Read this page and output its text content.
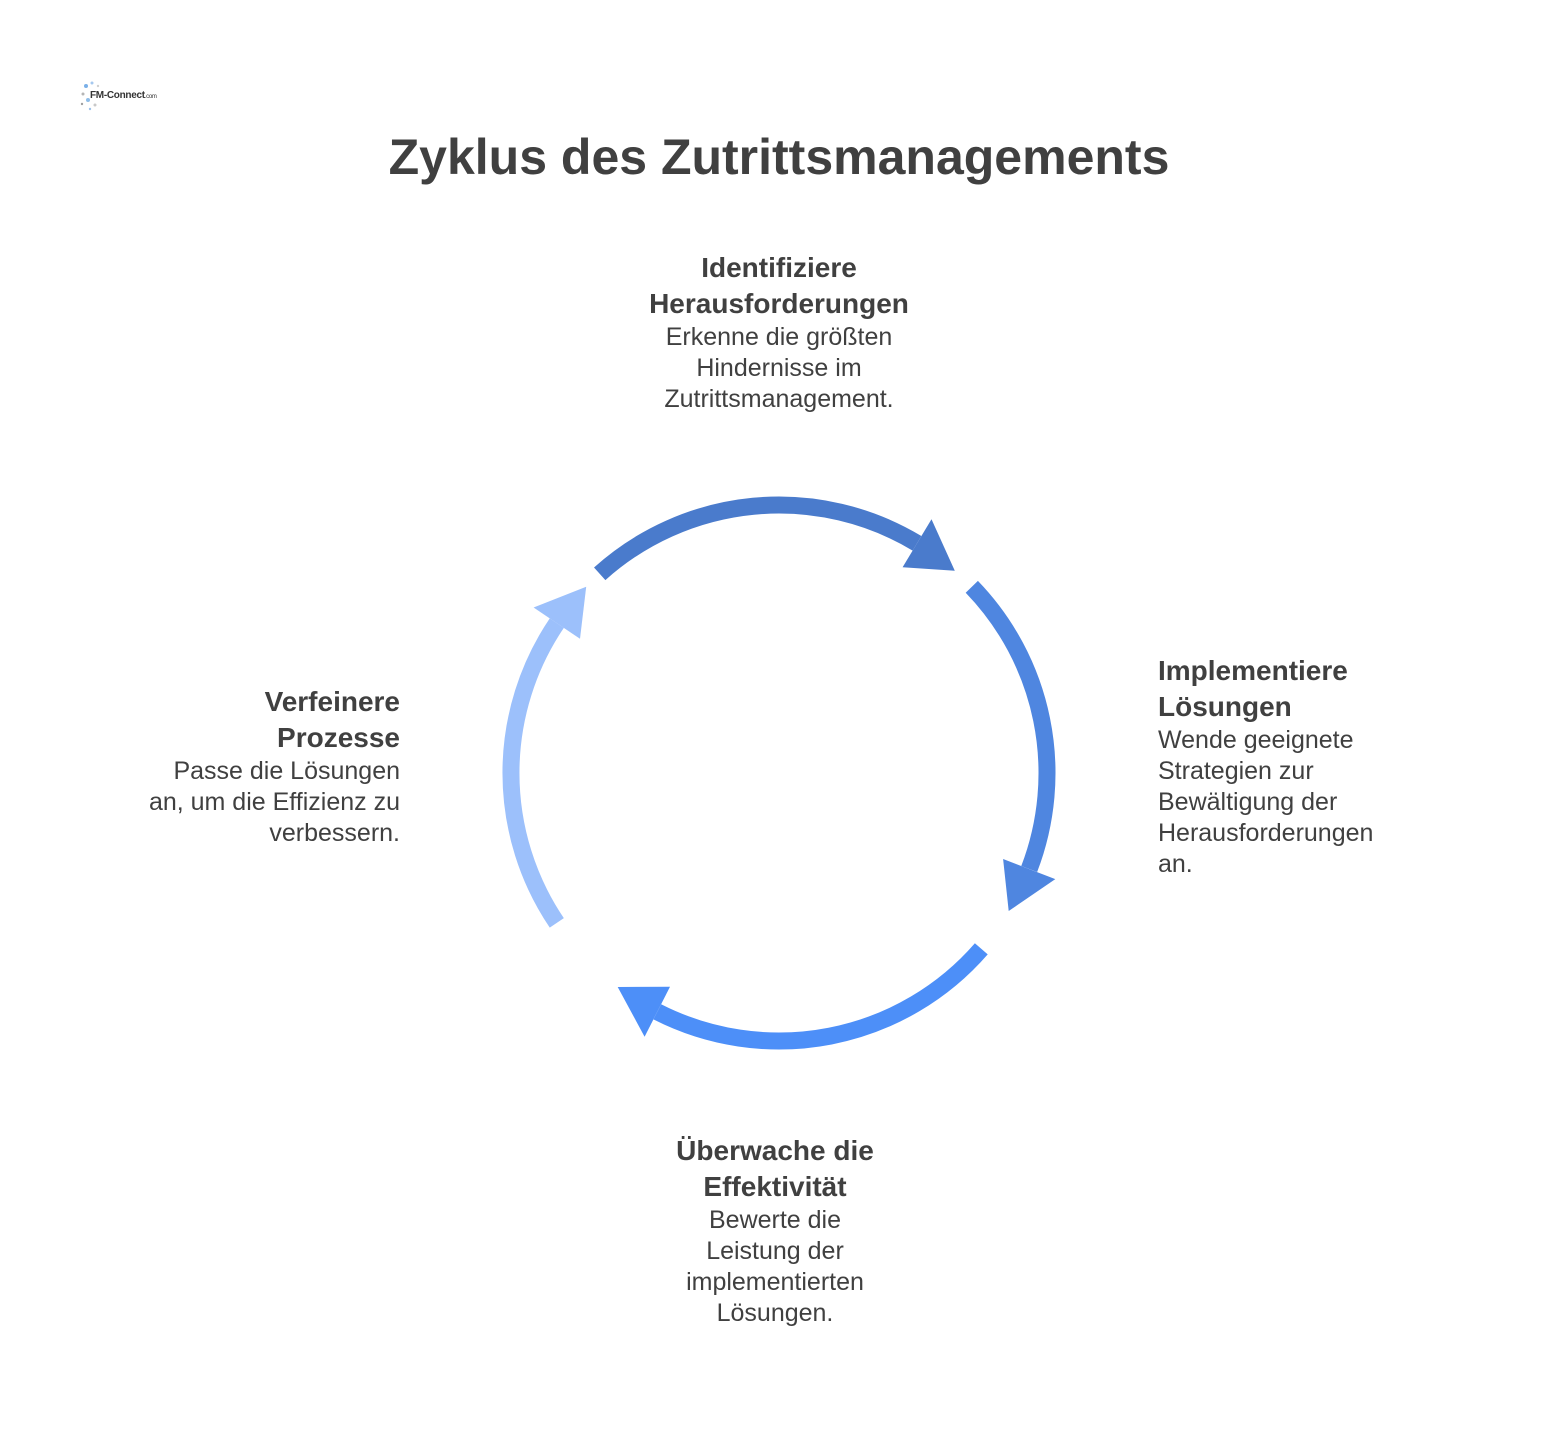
FM-Connect.com
Zyklus des Zutrittsmanagements
Identifiziere Herausforderungen
Erkenne die größten Hindernisse im Zutrittsmanagement.
Implementiere Lösungen
Wende geeignete Strategien zur Bewältigung der Herausforderungen an.
Überwache die Effektivität
Bewerte die Leistung der implementierten Lösungen.
Verfeinere Prozesse
Passe die Lösungen an, um die Effizienz zu verbessern.
